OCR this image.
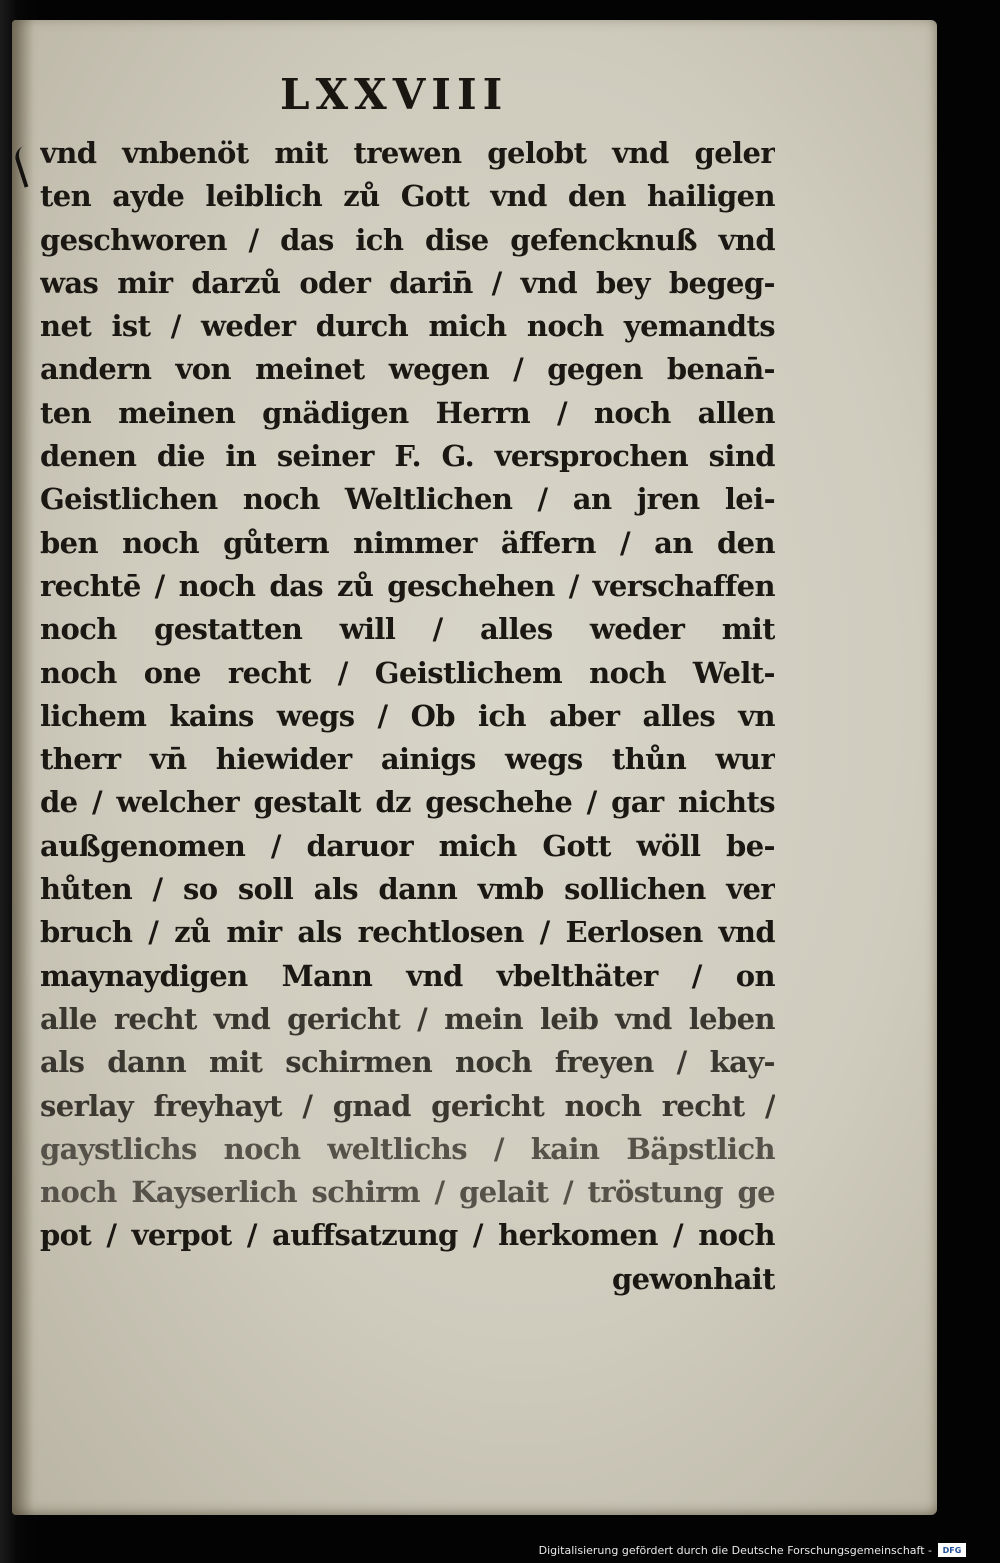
LXXVIII
vnd vnbenöt mit trewen gelobt vnd geler
ten ayde leiblich zů Gott vnd den hailigen
geschworen / das ich dise gefencknuß vnd
was mir darzů oder darin̄ / vnd bey begeg-
net ist / weder durch mich noch yemandts
andern von meinet wegen / gegen benan̄-
ten meinen gnädigen Herrn / noch allen
denen die in seiner F. G. versprochen sind
Geistlichen noch Weltlichen / an jren lei-
ben noch gůtern nimmer äffern / an den
rechtē / noch das zů geschehen / verschaffen
noch gestatten will / alles weder mit
noch one recht / Geistlichem noch Welt-
lichem kains wegs / Ob ich aber alles vn
therr vn̄ hiewider ainigs wegs thůn wur
de / welcher gestalt dz geschehe / gar nichts
außgenomen / daruor mich Gott wöll be-
hůten / so soll als dann vmb sollichen ver
bruch / zů mir als rechtlosen / Eerlosen vnd
maynaydigen Mann vnd vbelthäter / on
alle recht vnd gericht / mein leib vnd leben
als dann mit schirmen noch freyen / kay-
serlay freyhayt / gnad gericht noch recht /
gaystlichs noch weltlichs / kain Bäpstlich
noch Kayserlich schirm / gelait / tröstung ge
pot / verpot / auffsatzung / herkomen / noch
gewonhait
Digitalisierung gefördert durch die Deutsche Forschungsgemeinschaft - DFG
